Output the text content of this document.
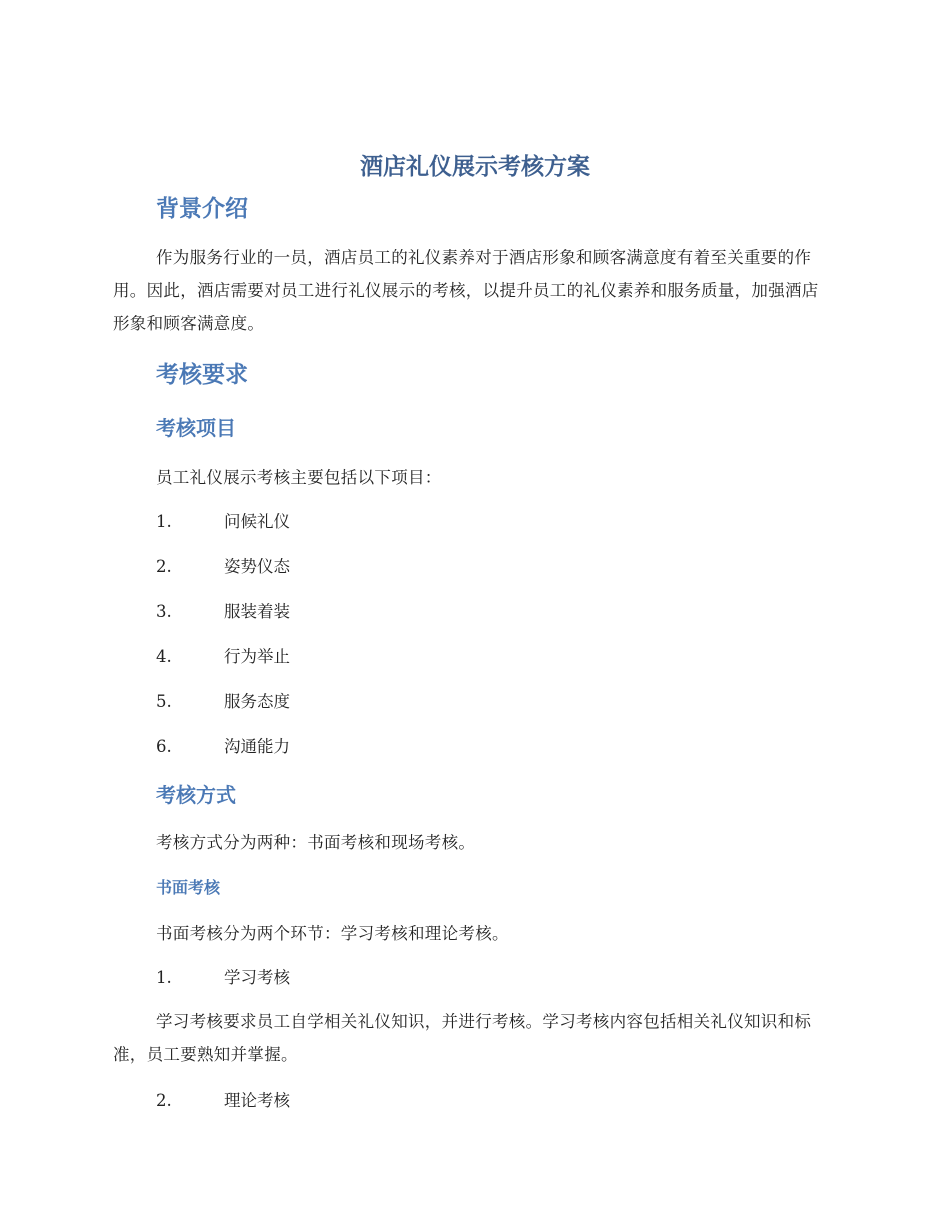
酒店礼仪展示考核方案
背景介绍

作为服务行业的一员，酒店员工的礼仪素养对于酒店形象和顾客满意度有着至关重要的作用。因此，酒店需要对员工进行礼仪展示的考核，以提升员工的礼仪素养和服务质量，加强酒店形象和顾客满意度。

考核要求
考核项目

员工礼仪展示考核主要包括以下项目：

1.	问候礼仪
2.	姿势仪态
3.	服装着装
4.	行为举止
5.	服务态度
6.	沟通能力
考核方式

考核方式分为两种：书面考核和现场考核。

书面考核

书面考核分为两个环节：学习考核和理论考核。

1.	学习考核

学习考核要求员工自学相关礼仪知识，并进行考核。学习考核内容包括相关礼仪知识和标准，员工要熟知并掌握。

2.	理论考核
